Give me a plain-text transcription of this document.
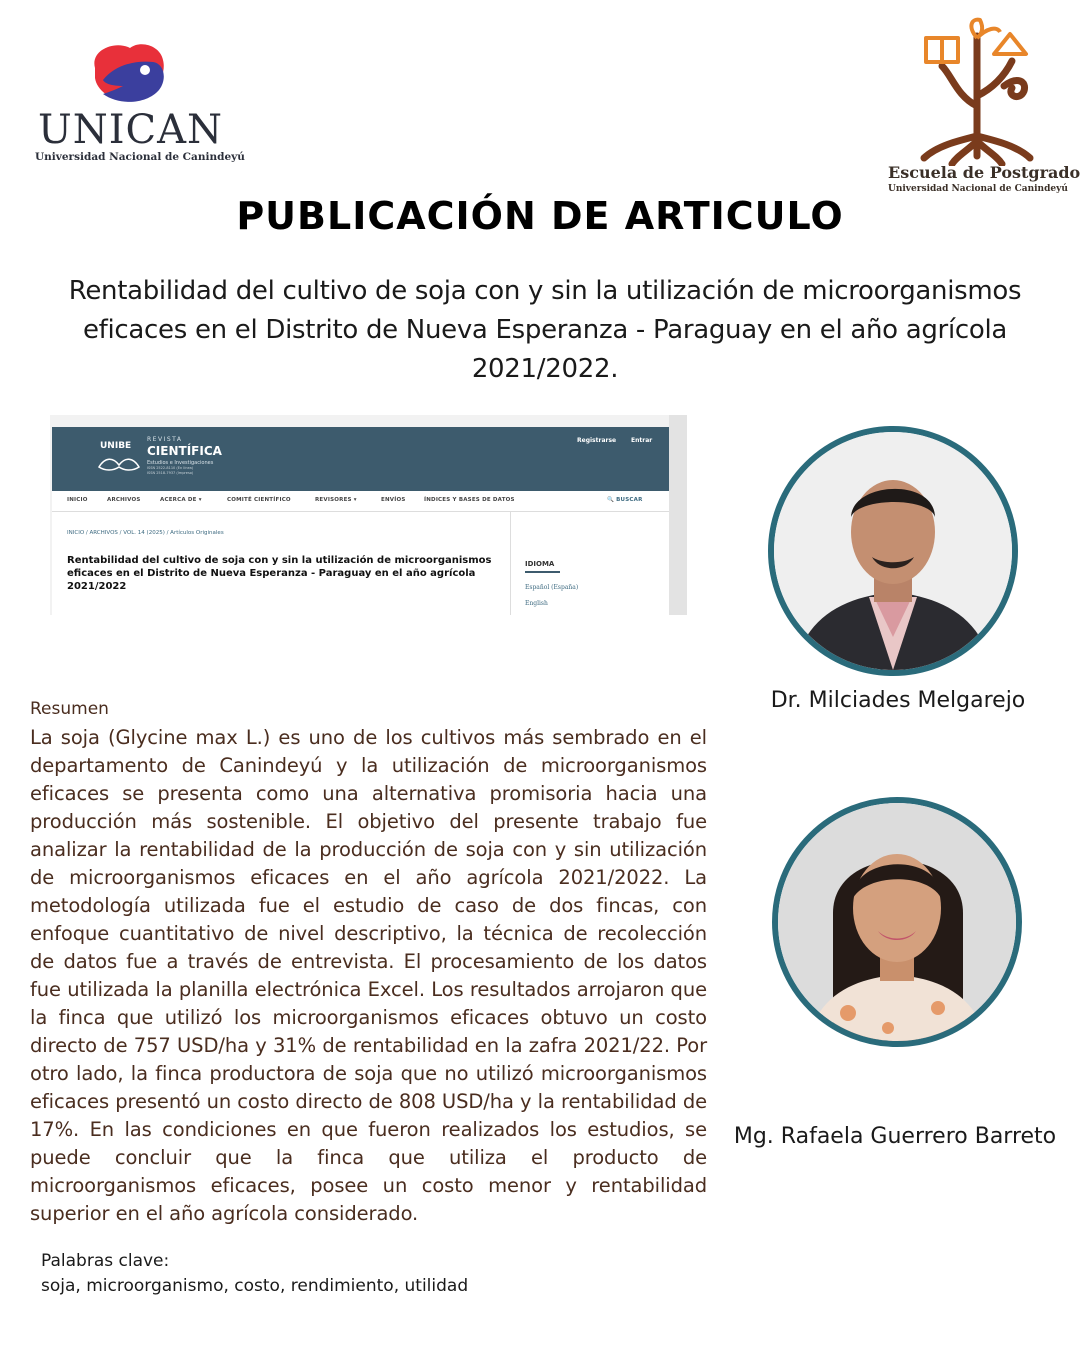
UNICAN
Universidad Nacional de Canindeyú
Escuela de Postgrado
Universidad Nacional de Canindeyú
PUBLICACIÓN DE ARTICULO
Rentabilidad del cultivo de soja con y sin la utilización de microorganismos eficaces en el Distrito de Nueva Esperanza - Paraguay en el año agrícola 2021/2022.
UNIBE
REVISTA
CIENTÍFICA
Estudios e Investigaciones
ISSN 2522-8110 (En línea)
ISSN 2518-7937 (Impreso)
Registrarse Entrar
INICIO	ARCHIVOS	ACERCA DE ▾	COMITÉ CIENTÍFICO	REVISORES ▾	ENVÍOS	ÍNDICES Y BASES DE DATOS	🔍 BUSCAR
INICIO / ARCHIVOS / VOL. 14 (2025) / Artículos Originales
Rentabilidad del cultivo de soja con y sin la utilización de microorganismos eficaces en el Distrito de Nueva Esperanza - Paraguay en el año agrícola 2021/2022
IDIOMA
Español (España)
English
Dr. Milciades Melgarejo
Mg. Rafaela Guerrero Barreto
Resumen
La soja (Glycine max L.) es uno de los cultivos más sembrado en el departamento de Canindeyú y la utilización de microorganismos eficaces se presenta como una alternativa promisoria hacia una producción más sostenible. El objetivo del presente trabajo fue analizar la rentabilidad de la producción de soja con y sin utilización de microorganismos eficaces en el año agrícola 2021/2022. La metodología utilizada fue el estudio de caso de dos fincas, con enfoque cuantitativo de nivel descriptivo, la técnica de recolección de datos fue a través de entrevista. El procesamiento de los datos fue utilizada la planilla electrónica Excel. Los resultados arrojaron que la finca que utilizó los microorganismos eficaces obtuvo un costo directo de 757 USD/ha y 31% de rentabilidad en la zafra 2021/22. Por otro lado, la finca productora de soja que no utilizó microorganismos eficaces presentó un costo directo de 808 USD/ha y la rentabilidad de 17%. En las condiciones en que fueron realizados los estudios, se puede concluir que la finca que utiliza el producto de microorganismos eficaces, posee un costo menor y rentabilidad superior en el año agrícola considerado.
Palabras clave:
soja, microorganismo, costo, rendimiento, utilidad
